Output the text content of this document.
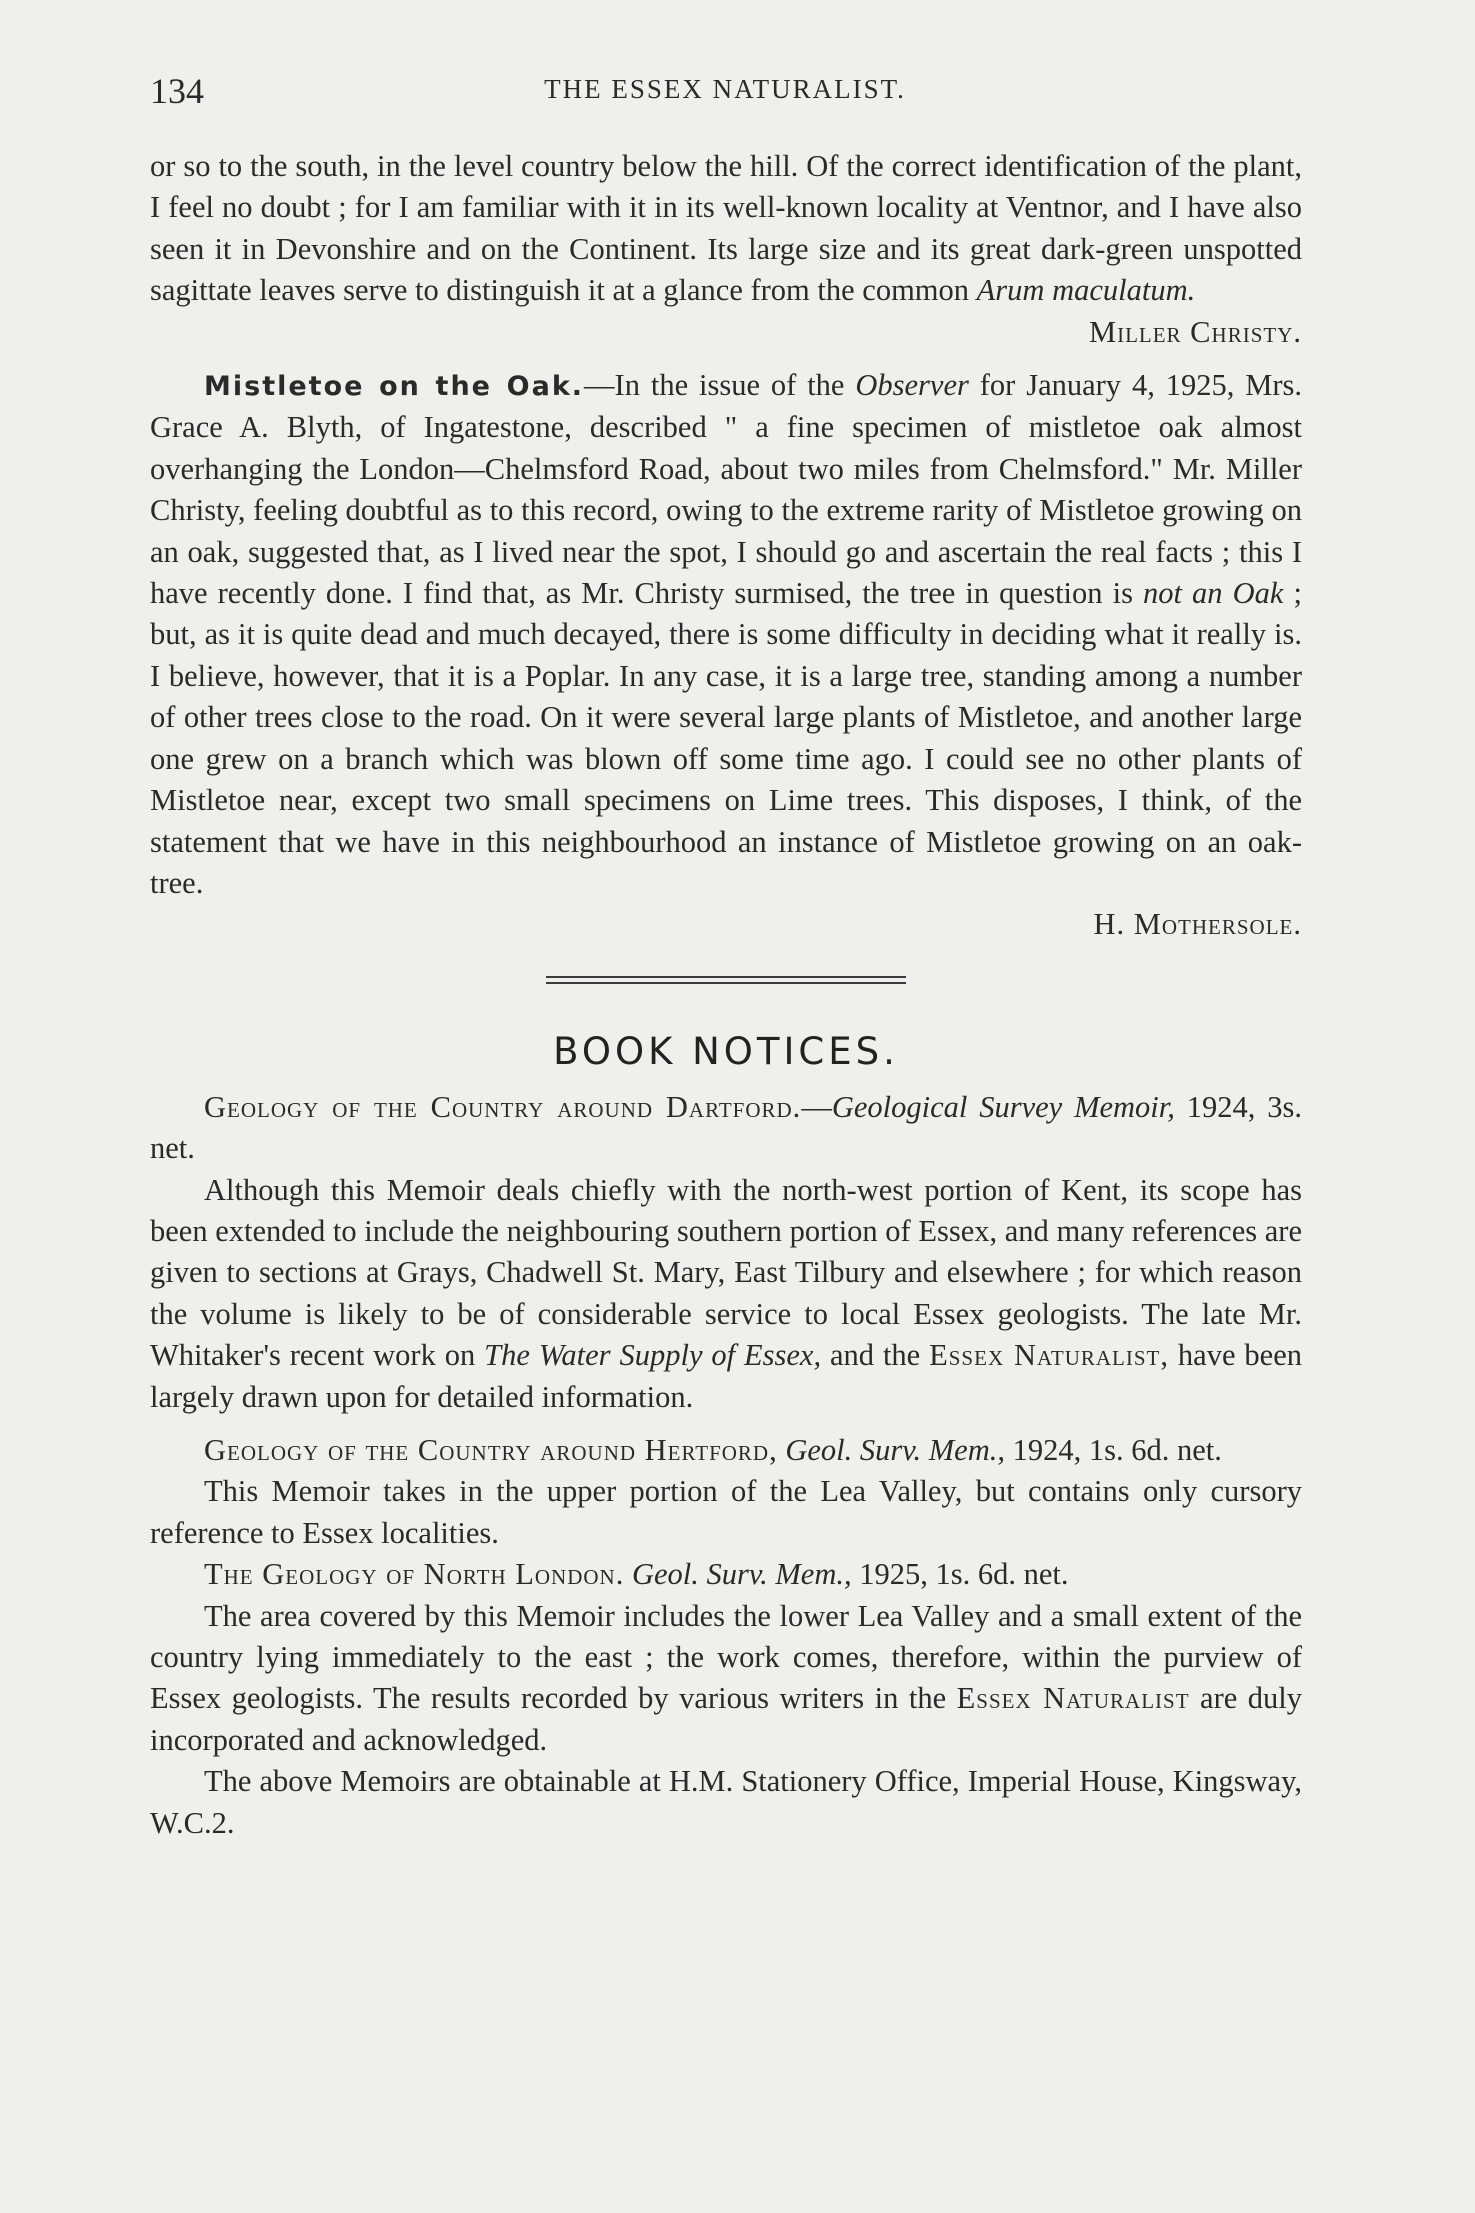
134	THE ESSEX NATURALIST.

or so to the south, in the level country below the hill. Of the correct identification of the plant, I feel no doubt ; for I am familiar with it in its well-known locality at Ventnor, and I have also seen it in Devonshire and on the Continent. Its large size and its great dark-green unspotted sagittate leaves serve to distinguish it at a glance from the common Arum maculatum.

Miller Christy.

Mistletoe on the Oak.—In the issue of the Observer for January 4, 1925, Mrs. Grace A. Blyth, of Ingatestone, described " a fine specimen of mistletoe oak almost overhanging the London—Chelmsford Road, about two miles from Chelmsford." Mr. Miller Christy, feeling doubtful as to this record, owing to the extreme rarity of Mistletoe growing on an oak, suggested that, as I lived near the spot, I should go and ascertain the real facts ; this I have recently done. I find that, as Mr. Christy surmised, the tree in question is not an Oak ; but, as it is quite dead and much decayed, there is some difficulty in deciding what it really is. I believe, however, that it is a Poplar. In any case, it is a large tree, standing among a number of other trees close to the road. On it were several large plants of Mistletoe, and another large one grew on a branch which was blown off some time ago. I could see no other plants of Mistletoe near, except two small specimens on Lime trees. This disposes, I think, of the statement that we have in this neighbourhood an instance of Mistletoe growing on an oak-tree.

H. Mothersole.
BOOK NOTICES.

Geology of the Country around Dartford.—Geological Survey Memoir, 1924, 3s. net.

Although this Memoir deals chiefly with the north-west portion of Kent, its scope has been extended to include the neighbouring southern portion of Essex, and many references are given to sections at Grays, Chadwell St. Mary, East Tilbury and elsewhere ; for which reason the volume is likely to be of considerable service to local Essex geologists. The late Mr. Whitaker's recent work on The Water Supply of Essex, and the Essex Naturalist, have been largely drawn upon for detailed information.

Geology of the Country around Hertford, Geol. Surv. Mem., 1924, 1s. 6d. net.

This Memoir takes in the upper portion of the Lea Valley, but contains only cursory reference to Essex localities.

The Geology of North London. Geol. Surv. Mem., 1925, 1s. 6d. net.

The area covered by this Memoir includes the lower Lea Valley and a small extent of the country lying immediately to the east ; the work comes, therefore, within the purview of Essex geologists. The results recorded by various writers in the Essex Naturalist are duly incorporated and acknowledged.

The above Memoirs are obtainable at H.M. Stationery Office, Imperial House, Kingsway, W.C.2.
